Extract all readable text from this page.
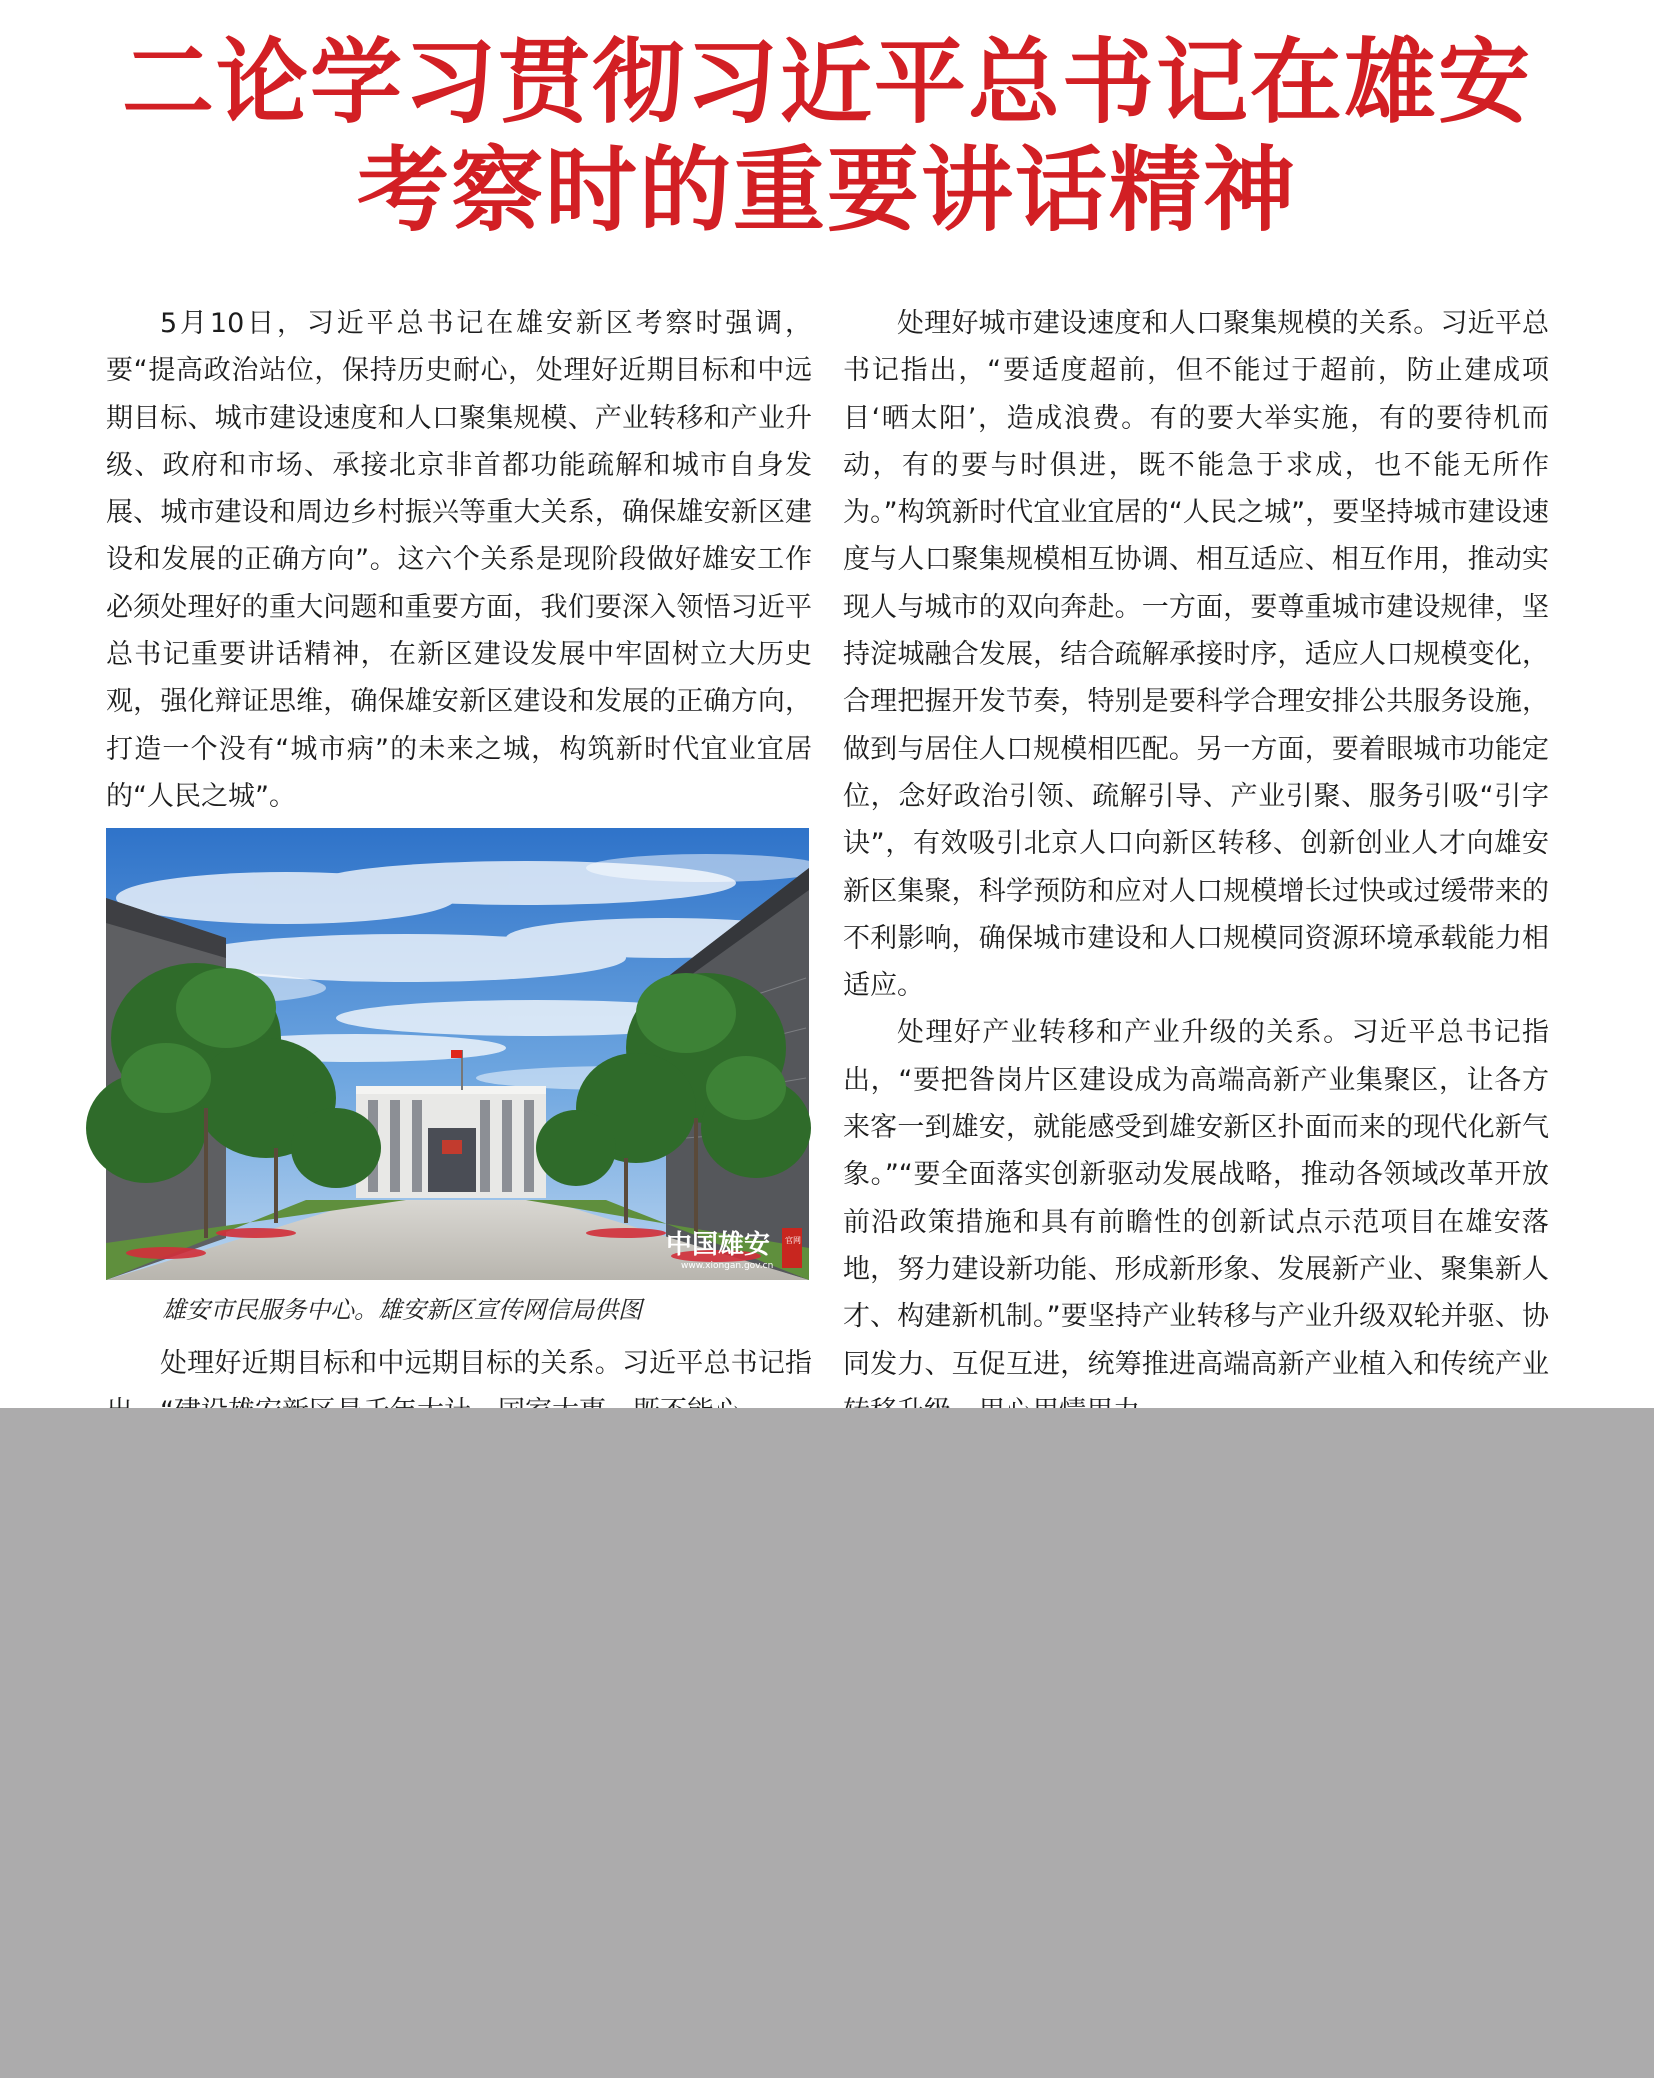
二论学习贯彻习近平总书记在雄安
考察时的重要讲话精神

5月10日，习近平总书记在雄安新区考察时强调，要“提高政治站位，保持历史耐心，处理好近期目标和中远期目标、城市建设速度和人口聚集规模、产业转移和产业升级、政府和市场、承接北京非首都功能疏解和城市自身发展、城市建设和周边乡村振兴等重大关系，确保雄安新区建设和发展的正确方向”。这六个关系是现阶段做好雄安工作必须处理好的重大问题和重要方面，我们要深入领悟习近平总书记重要讲话精神，在新区建设发展中牢固树立大历史观，强化辩证思维，确保雄安新区建设和发展的正确方向，打造一个没有“城市病”的未来之城，构筑新时代宜业宜居的“人民之城”。

中国雄安
www.xiongan.gov.cn
官网
雄安市民服务中心。雄安新区宣传网信局供图

处理好近期目标和中远期目标的关系。习近平总书记指

处理好城市建设速度和人口聚集规模的关系。习近平总书记指出，“要适度超前，但不能过于超前，防止建成项目‘晒太阳’，造成浪费。有的要大举实施，有的要待机而动，有的要与时俱进，既不能急于求成，也不能无所作为。”构筑新时代宜业宜居的“人民之城”，要坚持城市建设速度与人口聚集规模相互协调、相互适应、相互作用，推动实现人与城市的双向奔赴。一方面，要尊重城市建设规律，坚持淀城融合发展，结合疏解承接时序，适应人口规模变化，合理把握开发节奏，特别是要科学合理安排公共服务设施，做到与居住人口规模相匹配。另一方面，要着眼城市功能定位，念好政治引领、疏解引导、产业引聚、服务引吸“引字诀”，有效吸引北京人口向新区转移、创新创业人才向雄安新区集聚，科学预防和应对人口规模增长过快或过缓带来的不利影响，确保城市建设和人口规模同资源环境承载能力相适应。

处理好产业转移和产业升级的关系。习近平总书记指出，“要把昝岗片区建设成为高端高新产业集聚区，让各方来客一到雄安，就能感受到雄安新区扑面而来的现代化新气象。”“要全面落实创新驱动发展战略，推动各领域改革开放前沿政策措施和具有前瞻性的创新试点示范项目在雄安落地，努力建设新功能、形成新形象、发展新产业、聚集新人才、构建新机制。”要坚持产业转移与产业升级双轮并驱、协同发力、互促互进，统筹推进高端高新产业植入和传统产业
